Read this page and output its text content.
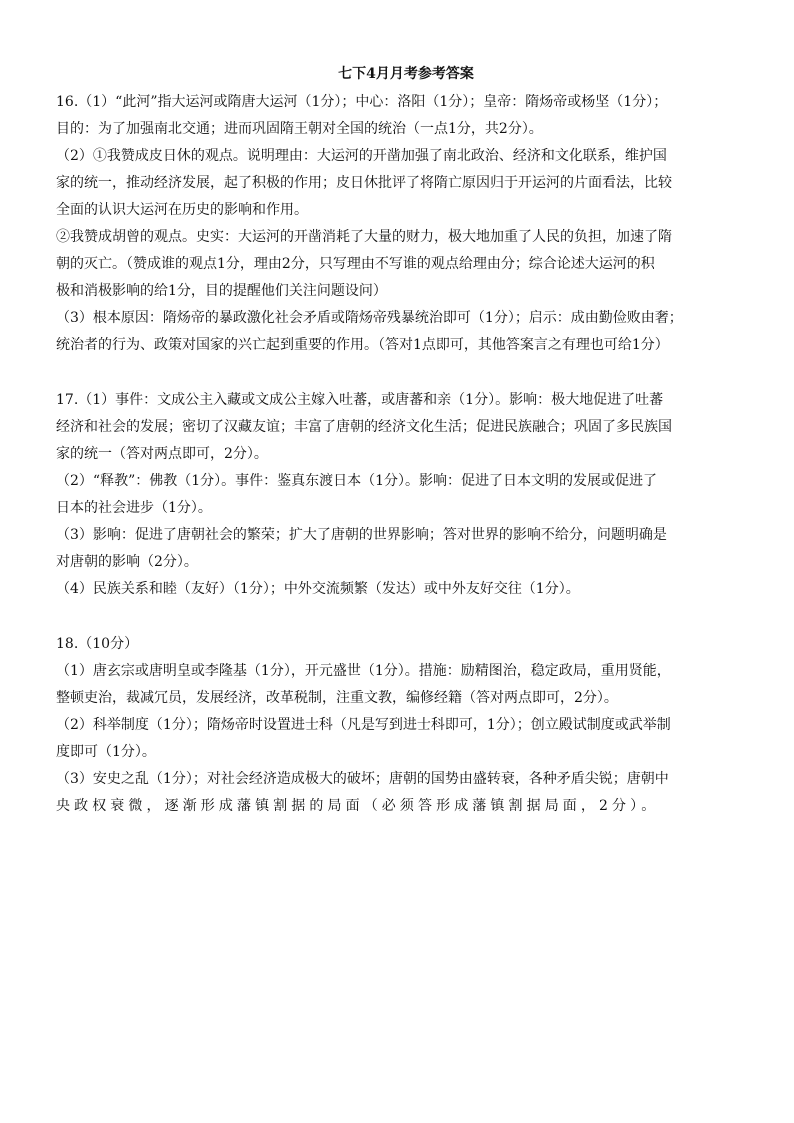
七下4月月考参考答案
16.（1）“此河”指大运河或隋唐大运河（1分）；中心：洛阳（1分）；皇帝：隋炀帝或杨坚（1分）；
目的：为了加强南北交通；进而巩固隋王朝对全国的统治（一点1分，共2分）。
（2）①我赞成皮日休的观点。说明理由：大运河的开凿加强了南北政治、经济和文化联系，维护国
家的统一，推动经济发展，起了积极的作用；皮日休批评了将隋亡原因归于开运河的片面看法，比较
全面的认识大运河在历史的影响和作用。
②我赞成胡曾的观点。史实：大运河的开凿消耗了大量的财力，极大地加重了人民的负担，加速了隋
朝的灭亡。（赞成谁的观点1分，理由2分，只写理由不写谁的观点给理由分；综合论述大运河的积
极和消极影响的给1分，目的提醒他们关注问题设问）
（3）根本原因：隋炀帝的暴政激化社会矛盾或隋炀帝残暴统治即可（1分）；启示：成由勤俭败由奢；
统治者的行为、政策对国家的兴亡起到重要的作用。（答对1点即可，其他答案言之有理也可给1分）
17.（1）事件：文成公主入藏或文成公主嫁入吐蕃，或唐蕃和亲（1分）。影响：极大地促进了吐蕃
经济和社会的发展；密切了汉藏友谊；丰富了唐朝的经济文化生活；促进民族融合；巩固了多民族国
家的统一（答对两点即可，2分）。
（2）“释教”：佛教（1分）。事件：鉴真东渡日本（1分）。影响：促进了日本文明的发展或促进了
日本的社会进步（1分）。
（3）影响：促进了唐朝社会的繁荣；扩大了唐朝的世界影响；答对世界的影响不给分，问题明确是
对唐朝的影响（2分）。
（4）民族关系和睦（友好）（1分）；中外交流频繁（发达）或中外友好交往（1分）。
18.（10分）
（1）唐玄宗或唐明皇或李隆基（1分），开元盛世（1分）。措施：励精图治，稳定政局，重用贤能，
整顿吏治，裁减冗员，发展经济，改革税制，注重文教，编修经籍（答对两点即可，2分）。
（2）科举制度（1分）；隋炀帝时设置进士科（凡是写到进士科即可，1分）；创立殿试制度或武举制
度即可（1分）。
（3）安史之乱（1分）；对社会经济造成极大的破坏；唐朝的国势由盛转衰，各种矛盾尖锐；唐朝中
央政权衰微，逐渐形成藩镇割据的局面（必须答形成藩镇割据局面，2分）。
